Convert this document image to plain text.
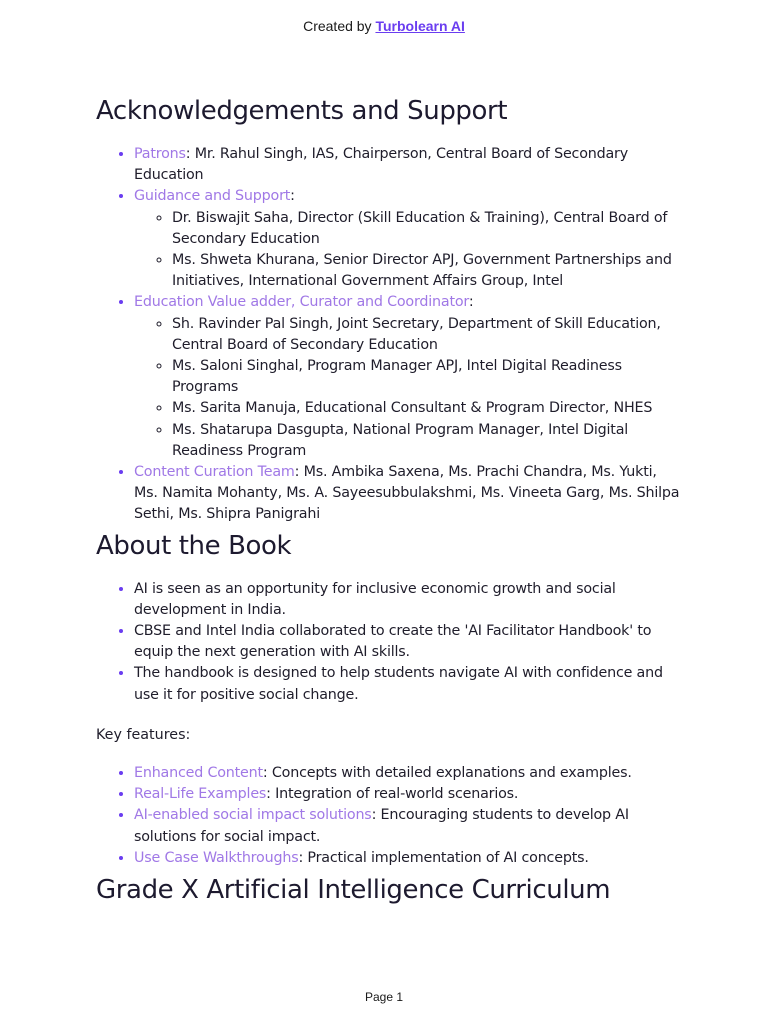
Created by Turbolearn AI
Acknowledgements and Support
• Patrons: Mr. Rahul Singh, IAS, Chairperson, Central Board of Secondary Education
• Guidance and Support:
◦ Dr. Biswajit Saha, Director (Skill Education & Training), Central Board of Secondary Education
◦ Ms. Shweta Khurana, Senior Director APJ, Government Partnerships and Initiatives, International Government Affairs Group, Intel
• Education Value adder, Curator and Coordinator:
◦ Sh. Ravinder Pal Singh, Joint Secretary, Department of Skill Education, Central Board of Secondary Education
◦ Ms. Saloni Singhal, Program Manager APJ, Intel Digital Readiness Programs
◦ Ms. Sarita Manuja, Educational Consultant & Program Director, NHES
◦ Ms. Shatarupa Dasgupta, National Program Manager, Intel Digital Readiness Program
• Content Curation Team: Ms. Ambika Saxena, Ms. Prachi Chandra, Ms. Yukti, Ms. Namita Mohanty, Ms. A. Sayeesubbulakshmi, Ms. Vineeta Garg, Ms. Shilpa Sethi, Ms. Shipra Panigrahi
About the Book
• AI is seen as an opportunity for inclusive economic growth and social development in India.
• CBSE and Intel India collaborated to create the 'AI Facilitator Handbook' to equip the next generation with AI skills.
• The handbook is designed to help students navigate AI with confidence and use it for positive social change.

Key features:

• Enhanced Content: Concepts with detailed explanations and examples.
• Real-Life Examples: Integration of real-world scenarios.
• AI-enabled social impact solutions: Encouraging students to develop AI solutions for social impact.
• Use Case Walkthroughs: Practical implementation of AI concepts.
Grade X Artificial Intelligence Curriculum
Page 1
